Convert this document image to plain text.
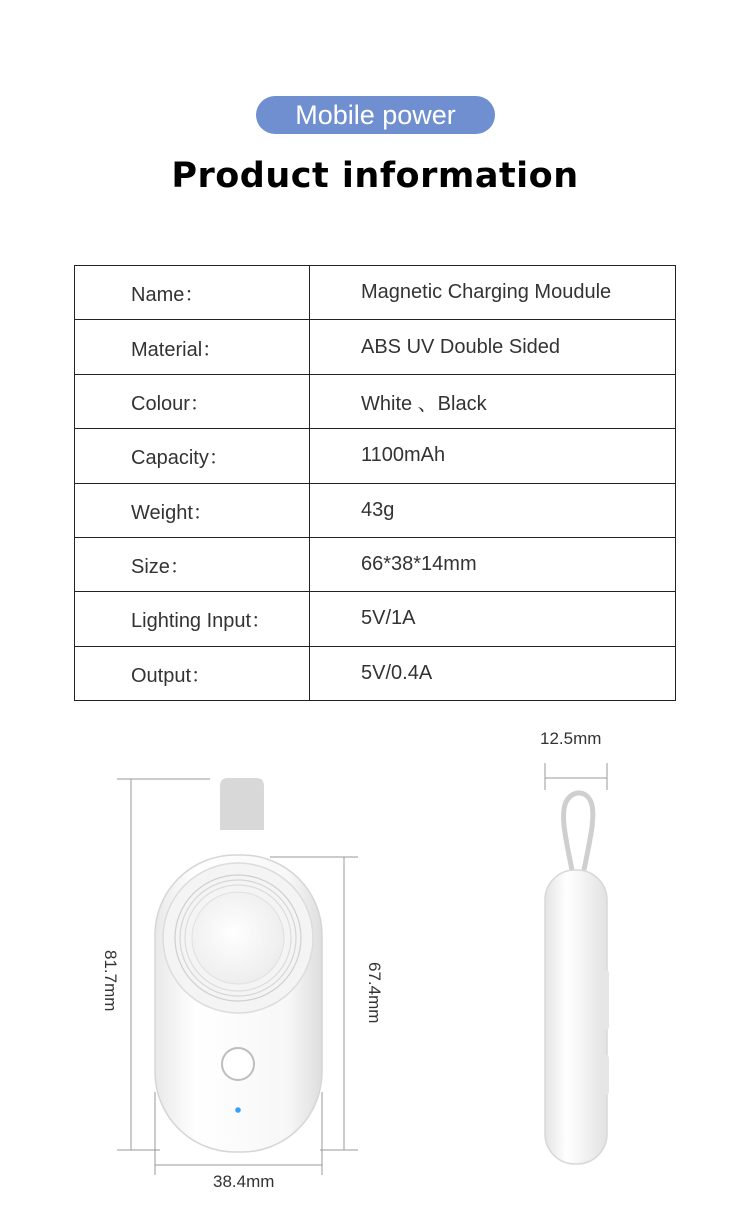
Mobile power
Product information
Name：	Magnetic Charging Moudule
Material：	ABS UV Double Sided
Colour：	White 、Black
Capacity：	1100mAh
Weight：	43g
Size：	66*38*14mm
Lighting Input：	5V/1A
Output：	5V/0.4A
12.5mm
81.7mm	67.4mm
38.4mm
